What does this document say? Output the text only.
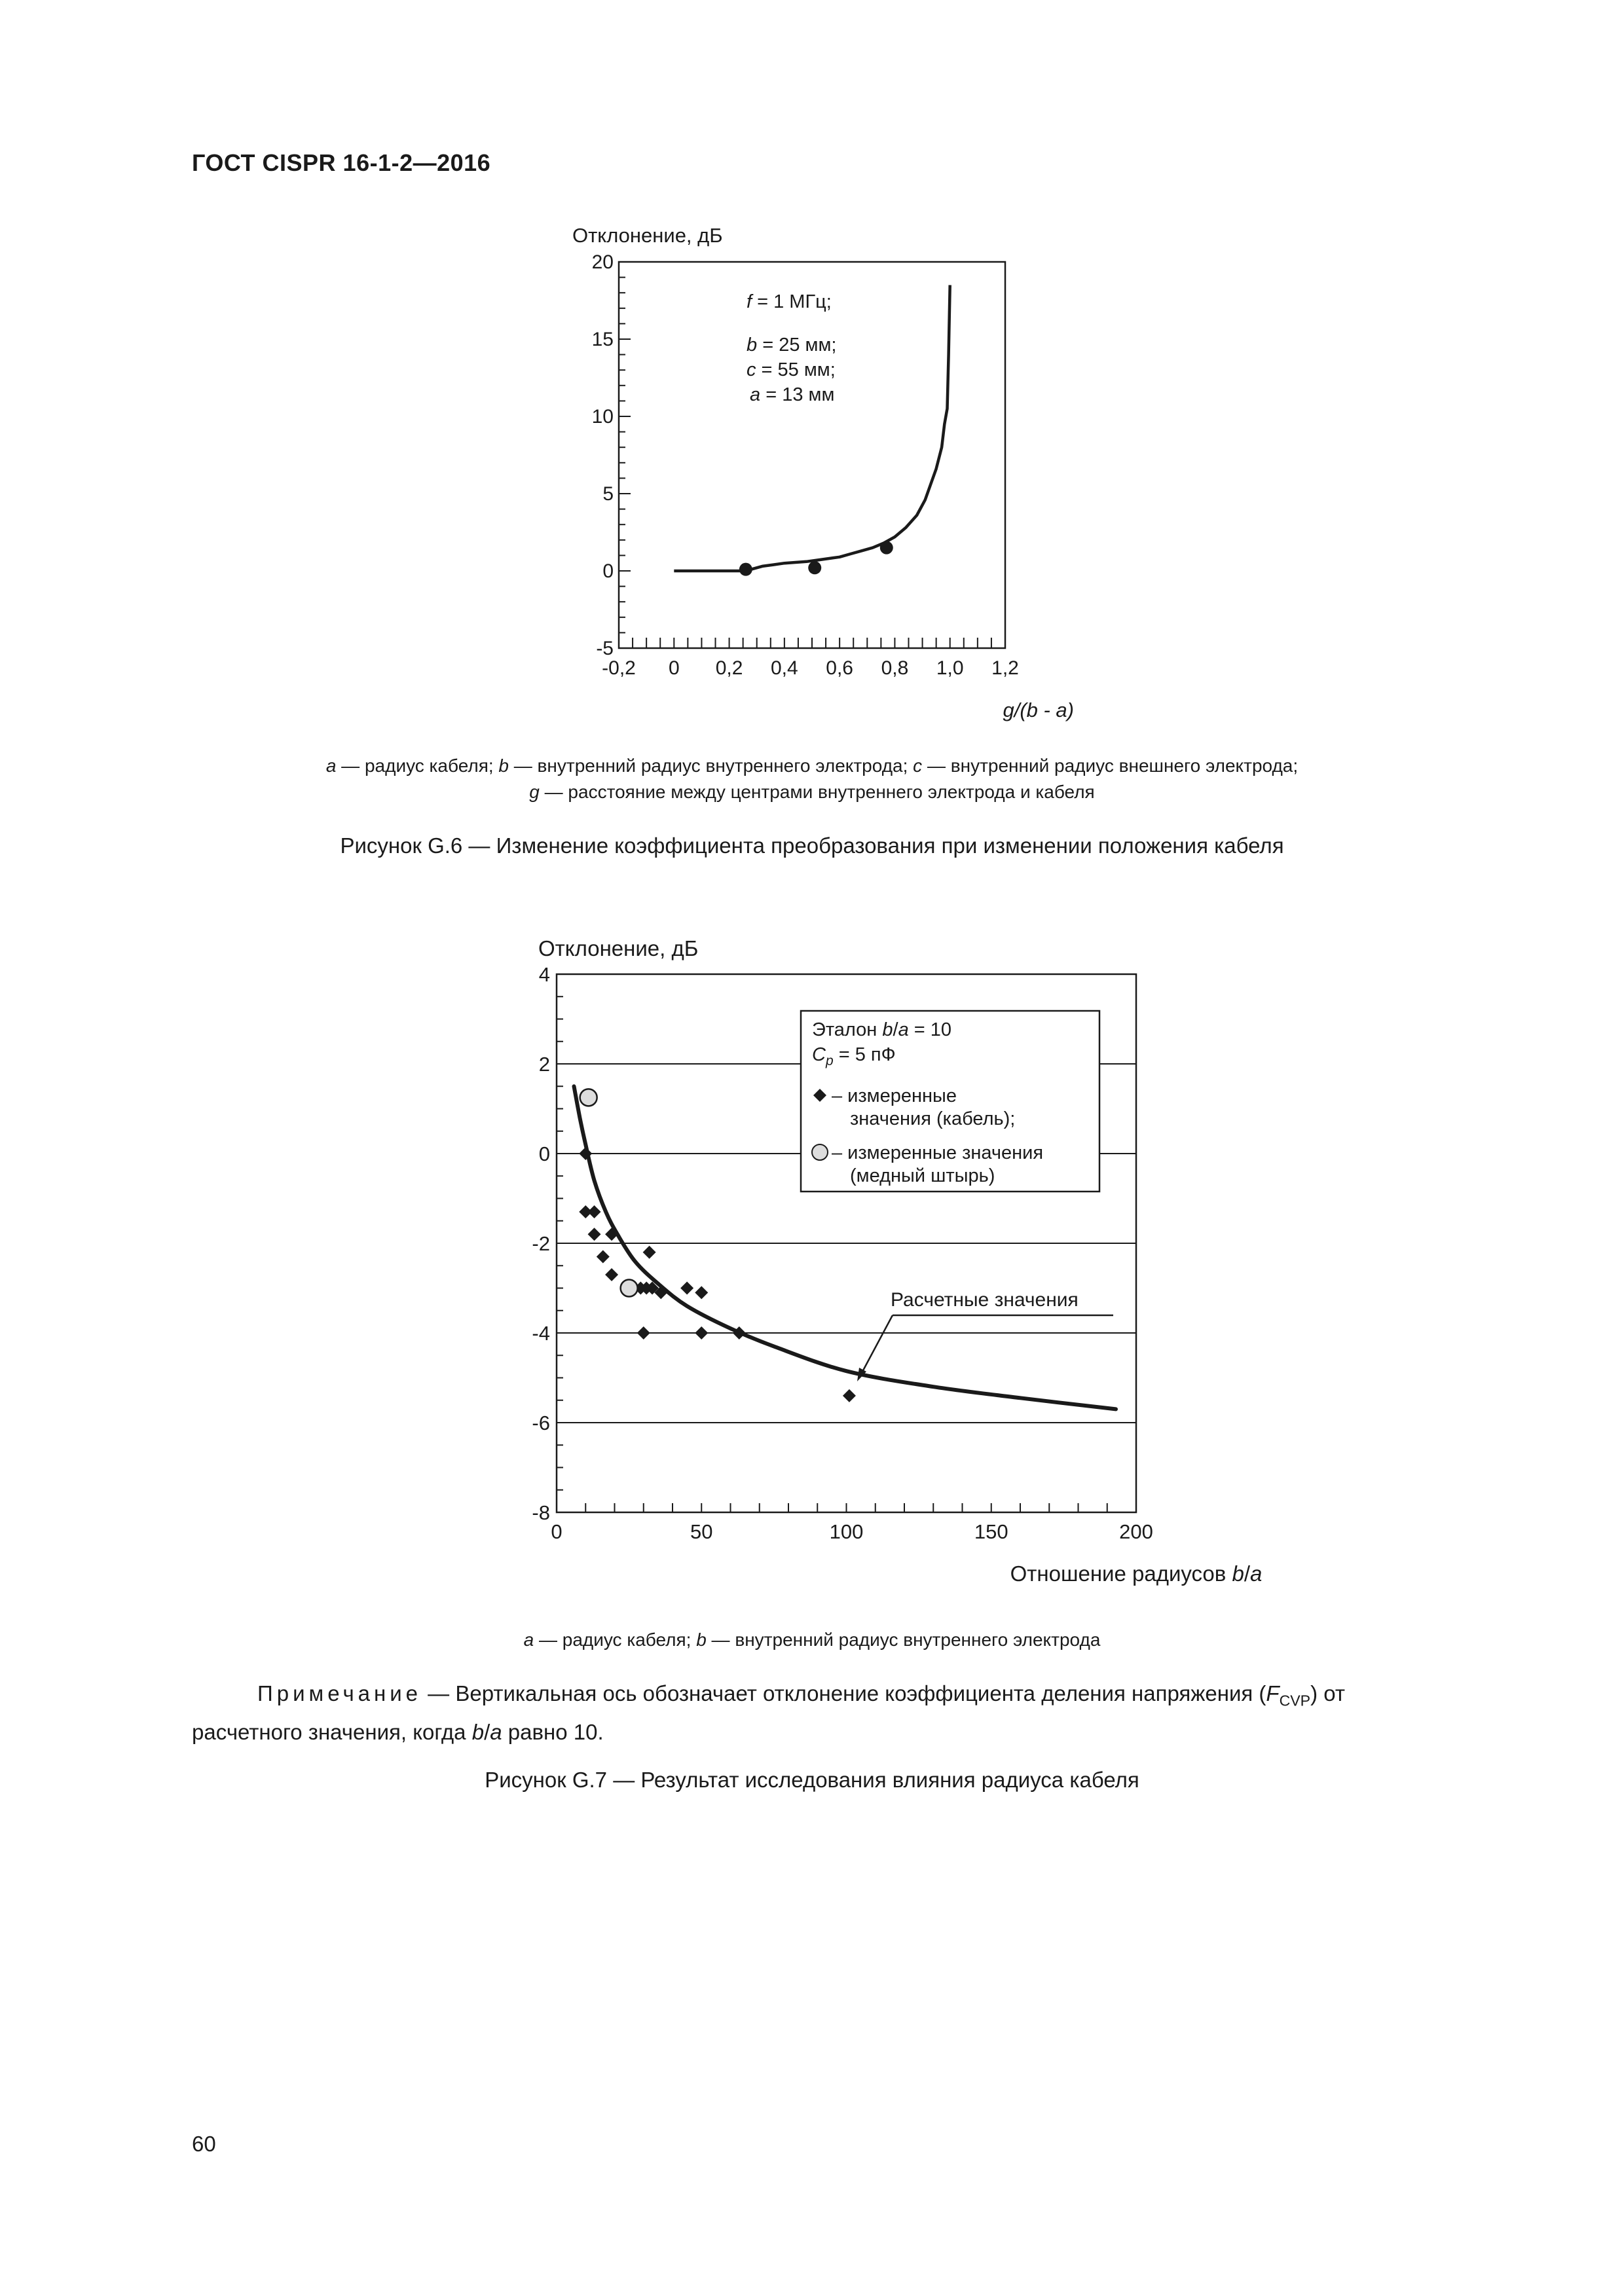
ГОСТ CISPR 16-1-2—2016
Отклонение, дБ
-5
0
5
10
15
20
-0,2 0 0,2 0,4 0,6 0,8 1,0 1,2
f = 1 МГц;
b = 25 мм;
c = 55 мм;
a = 13 мм
g/(b - a)
a — радиус кабеля; b — внутренний радиус внутреннего электрода; c — внутренний радиус внешнего электрода;
g — расстояние между центрами внутреннего электрода и кабеля
Рисунок G.6 — Изменение коэффициента преобразования при изменении положения кабеля
Отклонение, дБ
-8
-6
-4
-2
0
2
4
0	50	100	150	200
Эталон b/a = 10
$C_p = 5$ пФ
– измеренные
значения (кабель);
– измеренные значения
(медный штырь)
Расчетные значения
Отношение радиусов b/a
a — радиус кабеля; b — внутренний радиус внутреннего электрода
Примечание — Вертикальная ось обозначает отклонение коэффициента деления напряжения $(F_{CVP})$ от
расчетного значения, когда b/a равно 10.
Рисунок G.7 — Результат исследования влияния радиуса кабеля
60
